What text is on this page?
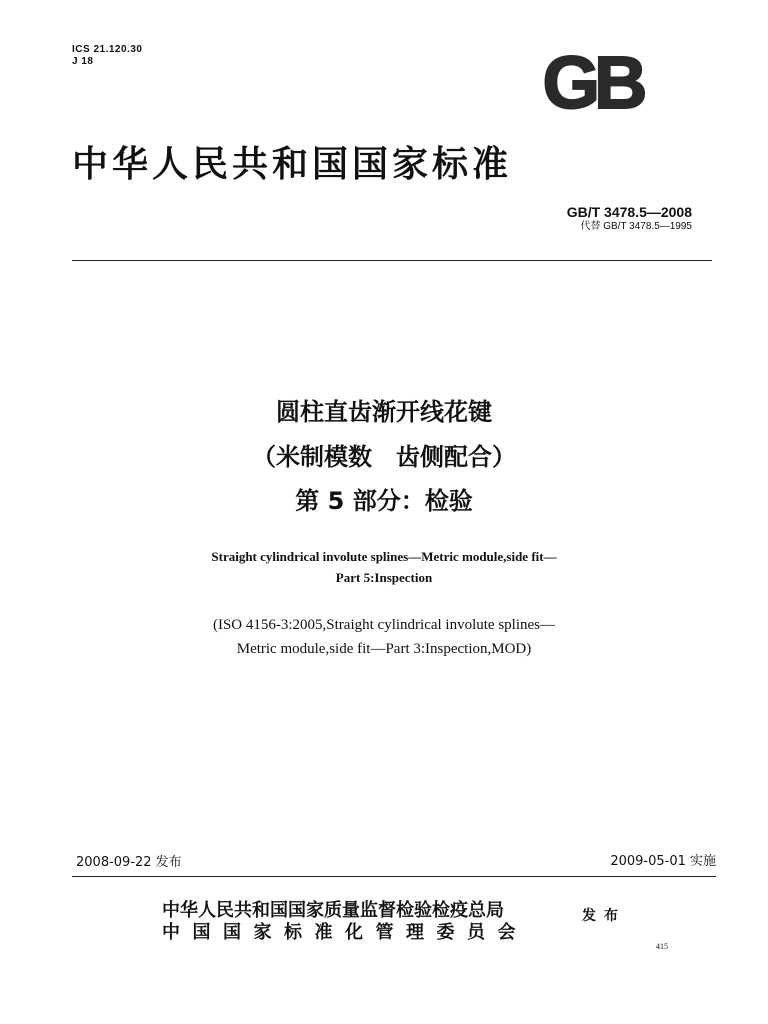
ICS 21.120.30
J 18	GB
中华人民共和国国家标准
GB/T 3478.5—2008
代替 GB/T 3478.5—1995
圆柱直齿渐开线花键
（米制模数　齿侧配合）
第 5 部分：检验
Straight cylindrical involute splines—Metric module,side fit—
Part 5:Inspection
(ISO 4156-3:2005,Straight cylindrical involute splines—
Metric module,side fit—Part 3:Inspection,MOD)
2008-09-22 发布	2009-05-01 实施
中华人民共和国国家质量监督检验检疫总局
中国国家标准化管理委员会
发布
415
